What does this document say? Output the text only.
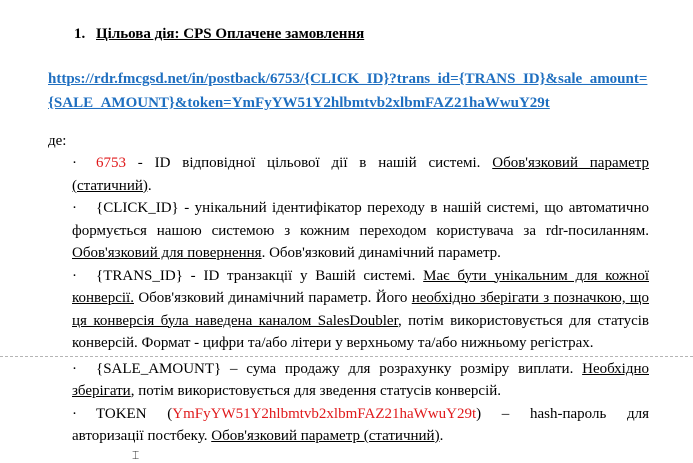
1. Цільова дія: CPS Оплачене замовлення
https://rdr.fmcgsd.net/in/postback/6753/{CLICK_ID}?trans_id={TRANS_ID}&sale_amount={SALE_AMOUNT}&token=YmFyYW51Y2hlbmtvb2xlbmFAZ21haWwuY29t
де:
· 6753 - ID відповідної цільової дії в нашій системі. Обов'язковий параметр (статичний).
· {CLICK_ID} - унікальний ідентифікатор переходу в нашій системі, що автоматично формується нашою системою з кожним переходом користувача за rdr-посиланням. Обов'язковий для повернення. Обов'язковий динамічний параметр.
· {TRANS_ID} - ID транзакції у Вашій системі. Має бути унікальним для кожної конверсії. Обов'язковий динамічний параметр. Його необхідно зберігати з позначкою, що ця конверсія була наведена каналом SalesDoubler, потім використовується для статусів конверсій. Формат - цифри та/або літери у верхньому та/або нижньому регістрах.
· {SALE_AMOUNT} – сума продажу для розрахунку розміру виплати. Необхідно зберігати, потім використовується для зведення статусів конверсій.
· TOKEN (YmFyYW51Y2hlbmtvb2xlbmFAZ21haWwuY29t) – hash-пароль для авторизації постбеку. Обов'язковий параметр (статичний).
⌶
